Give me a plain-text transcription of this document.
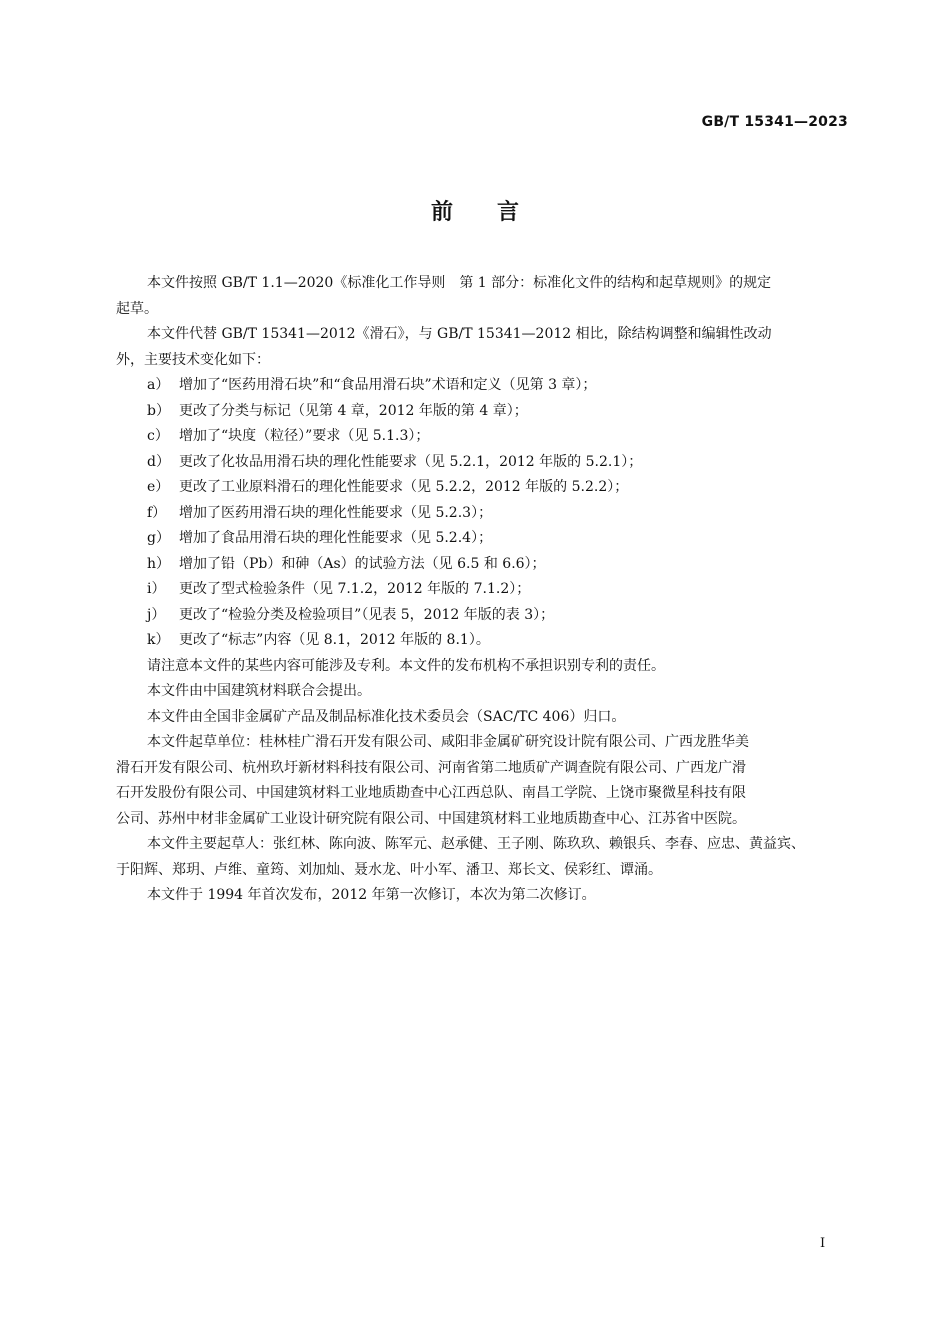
GB/T 15341—2023
前言
本文件按照 GB/T 1.1—2020《标准化工作导则　第 1 部分：标准化文件的结构和起草规则》的规定
起草。
本文件代替 GB/T 15341—2012《滑石》，与 GB/T 15341—2012 相比，除结构调整和编辑性改动
外，主要技术变化如下：
a） 增加了“医药用滑石块”和“食品用滑石块”术语和定义（见第 3 章）；
b） 更改了分类与标记（见第 4 章，2012 年版的第 4 章）；
c） 增加了“块度（粒径）”要求（见 5.1.3）；
d） 更改了化妆品用滑石块的理化性能要求（见 5.2.1，2012 年版的 5.2.1）；
e） 更改了工业原料滑石的理化性能要求（见 5.2.2，2012 年版的 5.2.2）；
f） 增加了医药用滑石块的理化性能要求（见 5.2.3）；
g） 增加了食品用滑石块的理化性能要求（见 5.2.4）；
h） 增加了铅（Pb）和砷（As）的试验方法（见 6.5 和 6.6）；
i） 更改了型式检验条件（见 7.1.2，2012 年版的 7.1.2）；
j） 更改了“检验分类及检验项目”（见表 5，2012 年版的表 3）；
k） 更改了“标志”内容（见 8.1，2012 年版的 8.1）。
请注意本文件的某些内容可能涉及专利。本文件的发布机构不承担识别专利的责任。
本文件由中国建筑材料联合会提出。
本文件由全国非金属矿产品及制品标准化技术委员会（SAC/TC 406）归口。
本文件起草单位：桂林桂广滑石开发有限公司、咸阳非金属矿研究设计院有限公司、广西龙胜华美
滑石开发有限公司、杭州玖圩新材料科技有限公司、河南省第二地质矿产调查院有限公司、广西龙广滑
石开发股份有限公司、中国建筑材料工业地质勘查中心江西总队、南昌工学院、上饶市聚微星科技有限
公司、苏州中材非金属矿工业设计研究院有限公司、中国建筑材料工业地质勘查中心、江苏省中医院。
本文件主要起草人：张红林、陈向波、陈军元、赵承健、王子刚、陈玖玖、赖银兵、李春、应忠、黄益宾、
于阳辉、郑玥、卢维、童筠、刘加灿、聂水龙、叶小军、潘卫、郑长文、侯彩红、谭涌。
本文件于 1994 年首次发布，2012 年第一次修订，本次为第二次修订。
I
